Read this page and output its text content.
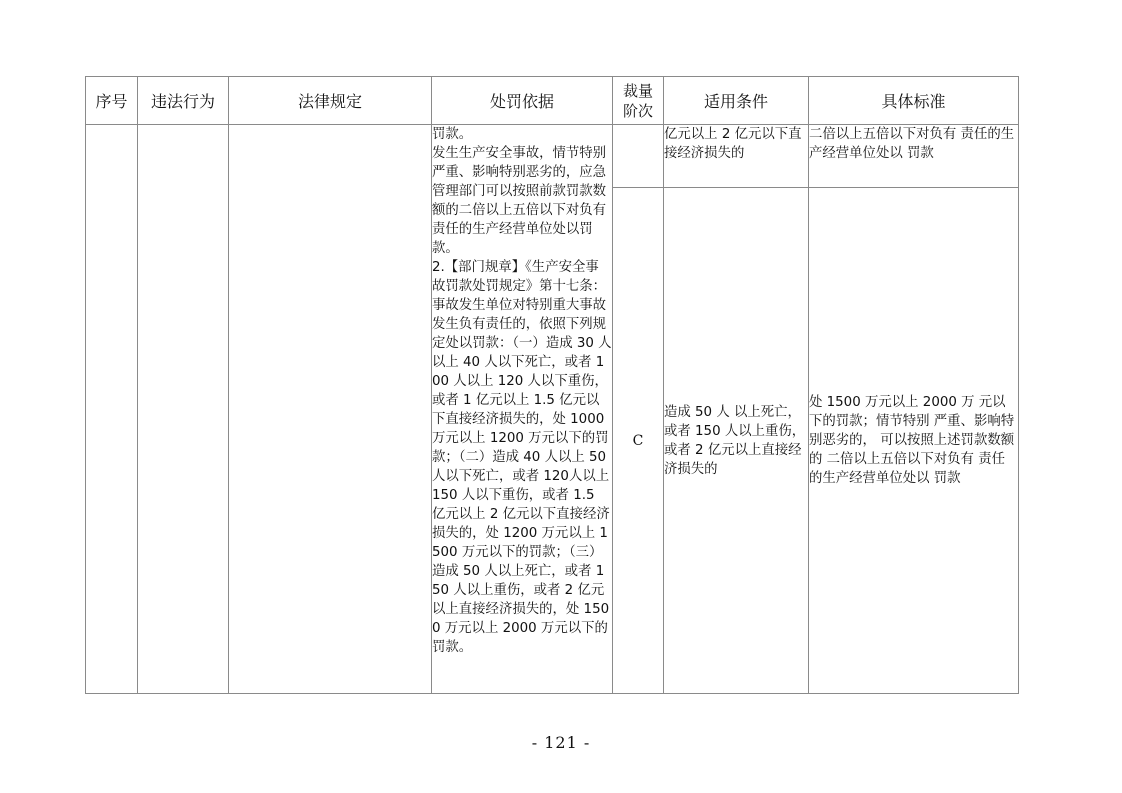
序号	违法行为	法律规定	处罚依据	裁量阶次	适用条件	具体标准

			罚款。
发生生产安全事故，情节特别严重、影响特别恶劣的，应急管理部门可以按照前款罚款数额的二倍以上五倍以下对负有责任的生产经营单位处以罚款。
2.【部门规章】《生产安全事故罚款处罚规定》第十七条：事故发生单位对特别重大事故发生负有责任的，依照下列规定处以罚款：（一）造成 30 人以上 40 人以下死亡，或者 100 人以上 120 人以下重伤，或者 1 亿元以上 1.5 亿元以下直接经济损失的，处 1000万元以上 1200 万元以下的罚款；（二）造成 40 人以上 50 人以下死亡，或者 120人以上 150 人以下重伤，或者 1.5 亿元以上 2 亿元以下直接经济损失的，处 1200 万元以上 1500 万元以下的罚款；（三）造成 50 人以上死亡，或者 150 人以上重伤，或者 2 亿元以上直接经济损失的，处 1500 万元以上 2000 万元以下的罚款。		亿元以上 2 亿元以下直接经济损失的	二倍以上五倍以下对负有 责任的生产经营单位处以 罚款
				C	造成 50 人 以上死亡，或者 150 人以上重伤，或者 2 亿元以上直接经济损失的	处 1500 万元以上 2000 万 元以下的罚款；情节特别 严重、影响特别恶劣的， 可以按照上述罚款数额的 二倍以上五倍以下对负有 责任的生产经营单位处以 罚款
- 121 -
